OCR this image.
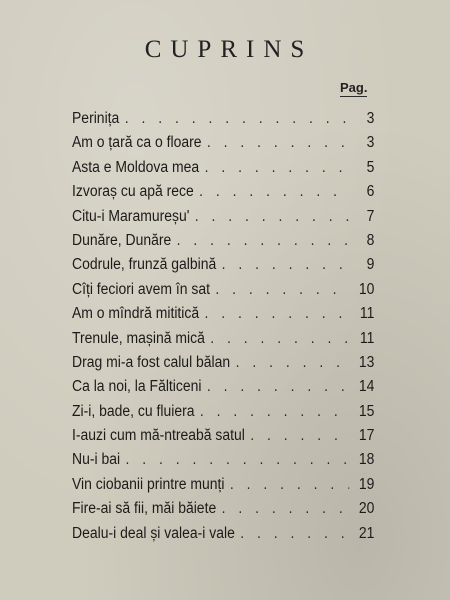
CUPRINS
Pag.
Perinița . . .	3
Am o țară ca o floare . . .	3
Asta e Moldova mea . . .	5
Izvoraș cu apă rece . . .	6
Citu-i Maramureșu' . . .	7
Dunăre, Dunăre . . .	8
Codrule, frunză galbină . . .	9
Cîți feciori avem în sat . . .	10
Am o mîndră mititică . . .	11
Trenule, mașină mică . . .	11
Drag mi-a fost calul bălan . . .	13
Ca la noi, la Fălticeni . . .	14
Zi-i, bade, cu fluiera . . .	15
I-auzi cum mă-ntreabă satul . . .	17
Nu-i bai . . .	18
Vin ciobanii printre munți . . .	19
Fire-ai să fii, măi băiete . . .	20
Dealu-i deal și valea-i vale . . .	21
